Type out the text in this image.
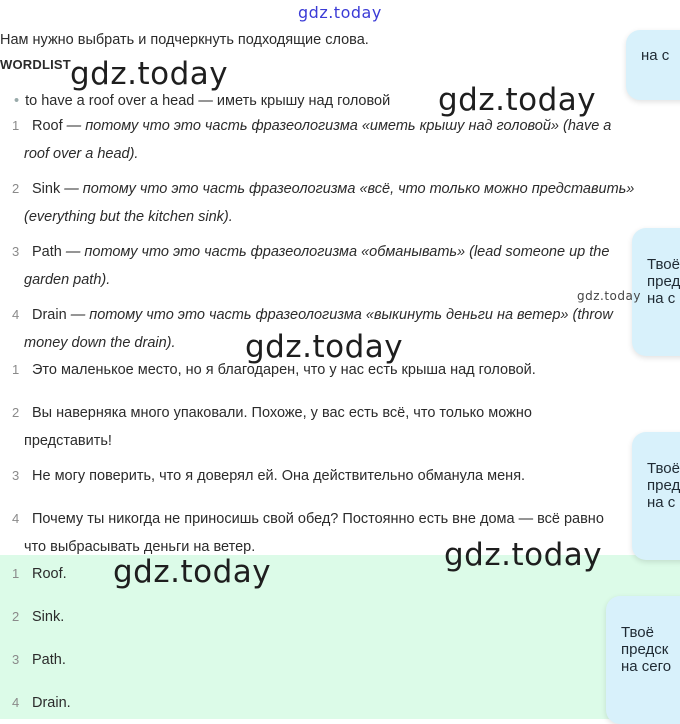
gdz.today
Нам нужно выбрать и подчеркнуть подходящие слова.
WORDLIST
• to have a roof over a head — иметь крышу над головой
1 Roof — потому что это часть фразеологизма «иметь крышу над головой» (have a
roof over a head).
2 Sink — потому что это часть фразеологизма «всё, что только можно представить»
(everything but the kitchen sink).
3 Path — потому что это часть фразеологизма «обманывать» (lead someone up the
garden path).
4 Drain — потому что это часть фразеологизма «выкинуть деньги на ветер» (throw
money down the drain).
1 Это маленькое место, но я благодарен, что у нас есть крыша над головой.
2 Вы наверняка много упаковали. Похоже, у вас есть всё, что только можно
представить!
3 Не могу поверить, что я доверял ей. Она действительно обманула меня.
4 Почему ты никогда не приносишь свой обед? Постоянно есть вне дома — всё равно
что выбрасывать деньги на ветер.
1 Roof.
2 Sink.
3 Path.
4 Drain.
на с
Твоё
пред
на с
Твоё
пред
на с
Твоё
предск
на сего
gdz.today
gdz.today
gdz.today
gdz.today
gdz.today
gdz.today
